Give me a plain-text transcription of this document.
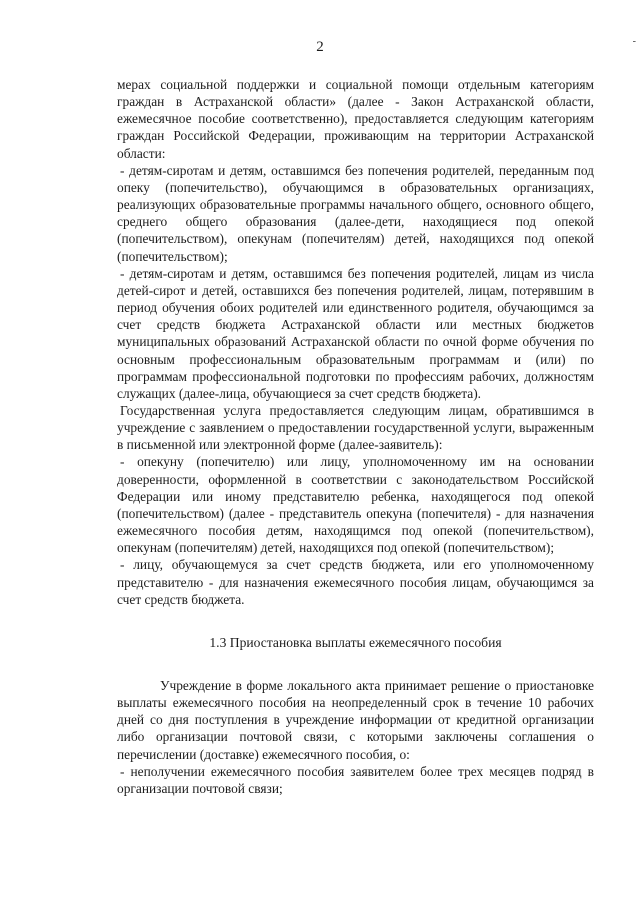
2	-

мерах социальной поддержки и социальной помощи отдельным категориям граждан в Астраханской области» (далее - Закон Астраханской области, ежемесячное пособие соответственно), предоставляется следующим категориям граждан Российской Федерации, проживающим на территории Астраханской области:

- детям-сиротам и детям, оставшимся без попечения родителей, переданным под опеку (попечительство), обучающимся в образовательных организациях, реализующих образовательные программы начального общего, основного общего, среднего общего образования (далее-дети, находящиеся под опекой (попечительством), опекунам (попечителям) детей, находящихся под опекой (попечительством);

- детям-сиротам и детям, оставшимся без попечения родителей, лицам из числа детей-сирот и детей, оставшихся без попечения родителей, лицам, потерявшим в период обучения обоих родителей или единственного родителя, обучающимся за счет средств бюджета Астраханской области или местных бюджетов муниципальных образований Астраханской области по очной форме обучения по основным профессиональным образовательным программам и (или) по программам профессиональной подготовки по профессиям рабочих, должностям служащих (далее-лица, обучающиеся за счет средств бюджета).

Государственная услуга предоставляется следующим лицам, обратившимся в учреждение с заявлением о предоставлении государственной услуги, выраженным в письменной или электронной форме (далее-заявитель):

- опекуну (попечителю) или лицу, уполномоченному им на основании доверенности, оформленной в соответствии с законодательством Российской Федерации или иному представителю ребенка, находящегося под опекой (попечительством) (далее - представитель опекуна (попечителя) - для назначения ежемесячного пособия детям, находящимся под опекой (попечительством), опекунам (попечителям) детей, находящихся под опекой (попечительством);

- лицу, обучающемуся за счет средств бюджета, или его уполномоченному представителю - для назначения ежемесячного пособия лицам, обучающимся за счет средств бюджета.

1.3 Приостановка выплаты ежемесячного пособия

Учреждение в форме локального акта принимает решение о приостановке выплаты ежемесячного пособия на неопределенный срок в течение 10 рабочих дней со дня поступления в учреждение информации от кредитной организации либо организации почтовой связи, с которыми заключены соглашения о перечислении (доставке) ежемесячного пособия, о:

- неполучении ежемесячного пособия заявителем более трех месяцев подряд в организации почтовой связи;
